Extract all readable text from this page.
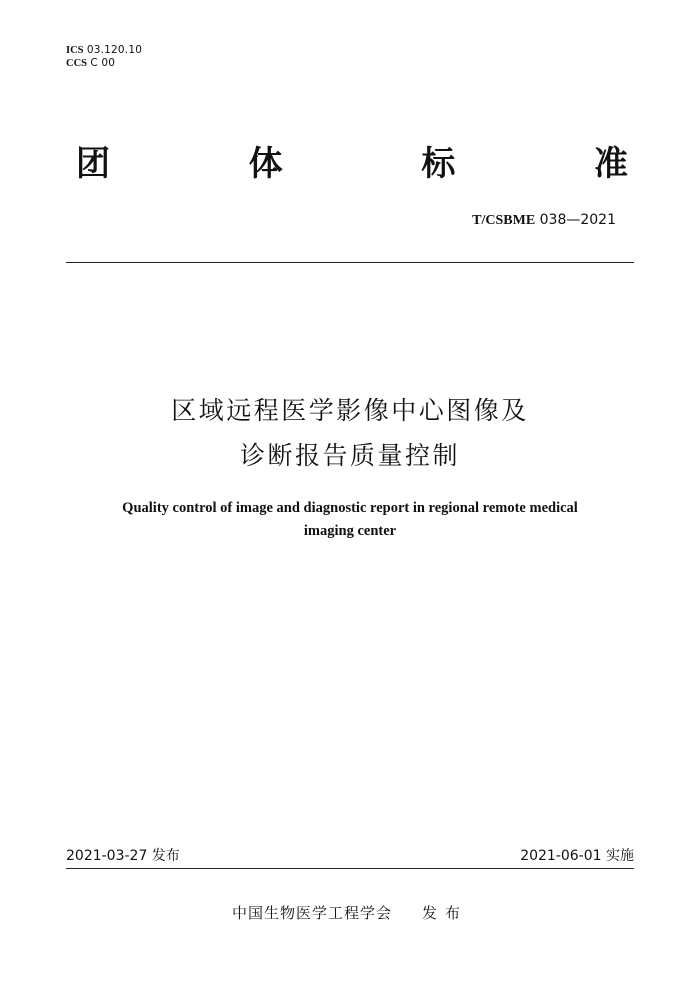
ICS 03.120.10
CCS C 00
团	体	标	准
T/CSBME 038—2021
区域远程医学影像中心图像及
诊断报告质量控制
Quality control of image and diagnostic report in regional remote medical
imaging center
2021-03-27 发布	2021-06-01 实施
中国生物医学工程学会 发布
